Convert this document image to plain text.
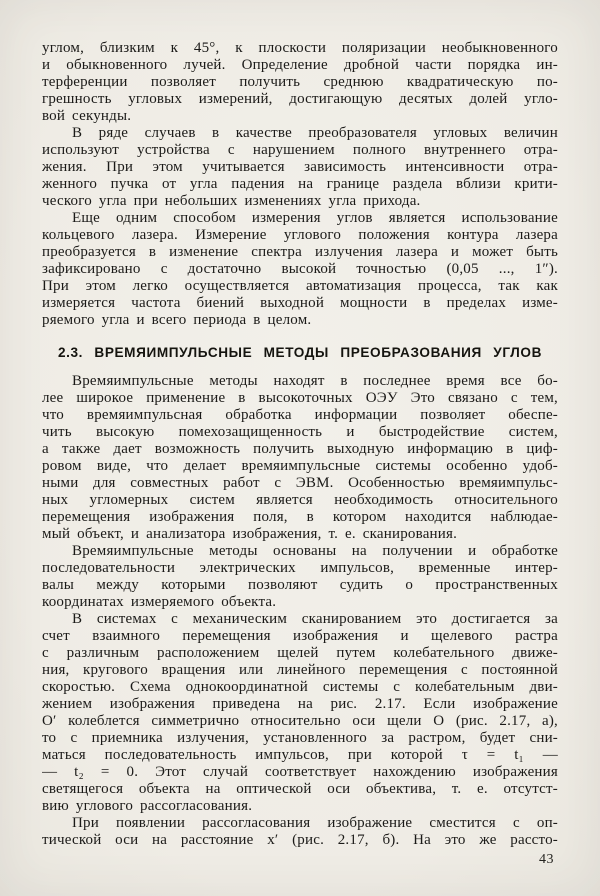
углом, близким к 45°, к плоскости поляризации необыкновенного
и обыкновенного лучей. Определение дробной части порядка ин-
терференции позволяет получить среднюю квадратическую по-
грешность угловых измерений, достигающую десятых долей угло-
вой секунды.
В ряде случаев в качестве преобразователя угловых величин
используют устройства с нарушением полного внутреннего отра-
жения. При этом учитывается зависимость интенсивности отра-
женного пучка от угла падения на границе раздела вблизи крити-
ческого угла при небольших изменениях угла прихода.
Еще одним способом измерения углов является использование
кольцевого лазера. Измерение углового положения контура лазера
преобразуется в изменение спектра излучения лазера и может быть
зафиксировано с достаточно высокой точностью (0,05 ..., 1″).
При этом легко осуществляется автоматизация процесса, так как
измеряется частота биений выходной мощности в пределах изме-
ряемого угла и всего периода в целом.
2.3. ВРЕМЯИМПУЛЬСНЫЕ МЕТОДЫ ПРЕОБРАЗОВАНИЯ УГЛОВ
Времяимпульсные методы находят в последнее время все бо-
лее широкое применение в высокоточных ОЭУ Это связано с тем,
что времяимпульсная обработка информации позволяет обеспе-
чить высокую помехозащищенность и быстродействие систем,
а также дает возможность получить выходную информацию в циф-
ровом виде, что делает времяимпульсные системы особенно удоб-
ными для совместных работ с ЭВМ. Особенностью времяимпульс-
ных угломерных систем является необходимость относительного
перемещения изображения поля, в котором находится наблюдае-
мый объект, и анализатора изображения, т. е. сканирования.
Времяимпульсные методы основаны на получении и обработке
последовательности электрических импульсов, временные интер-
валы между которыми позволяют судить о пространственных
координатах измеряемого объекта.
В системах с механическим сканированием это достигается за
счет взаимного перемещения изображения и щелевого растра
с различным расположением щелей путем колебательного движе-
ния, кругового вращения или линейного перемещения с постоянной
скоростью. Схема однокоординатной системы с колебательным дви-
жением изображения приведена на рис. 2.17. Если изображение
О′ колеблется симметрично относительно оси щели О (рис. 2.17, а),
то с приемника излучения, установленного за растром, будет сни-
маться последовательность импульсов, при которой τ = t₁ —
— t₂ = 0. Этот случай соответствует нахождению изображения
светящегося объекта на оптической оси объектива, т. е. отсутст-
вию углового рассогласования.
При появлении рассогласования изображение сместится с оп-
тической оси на расстояние х′ (рис. 2.17, б). На это же рассто-
43
